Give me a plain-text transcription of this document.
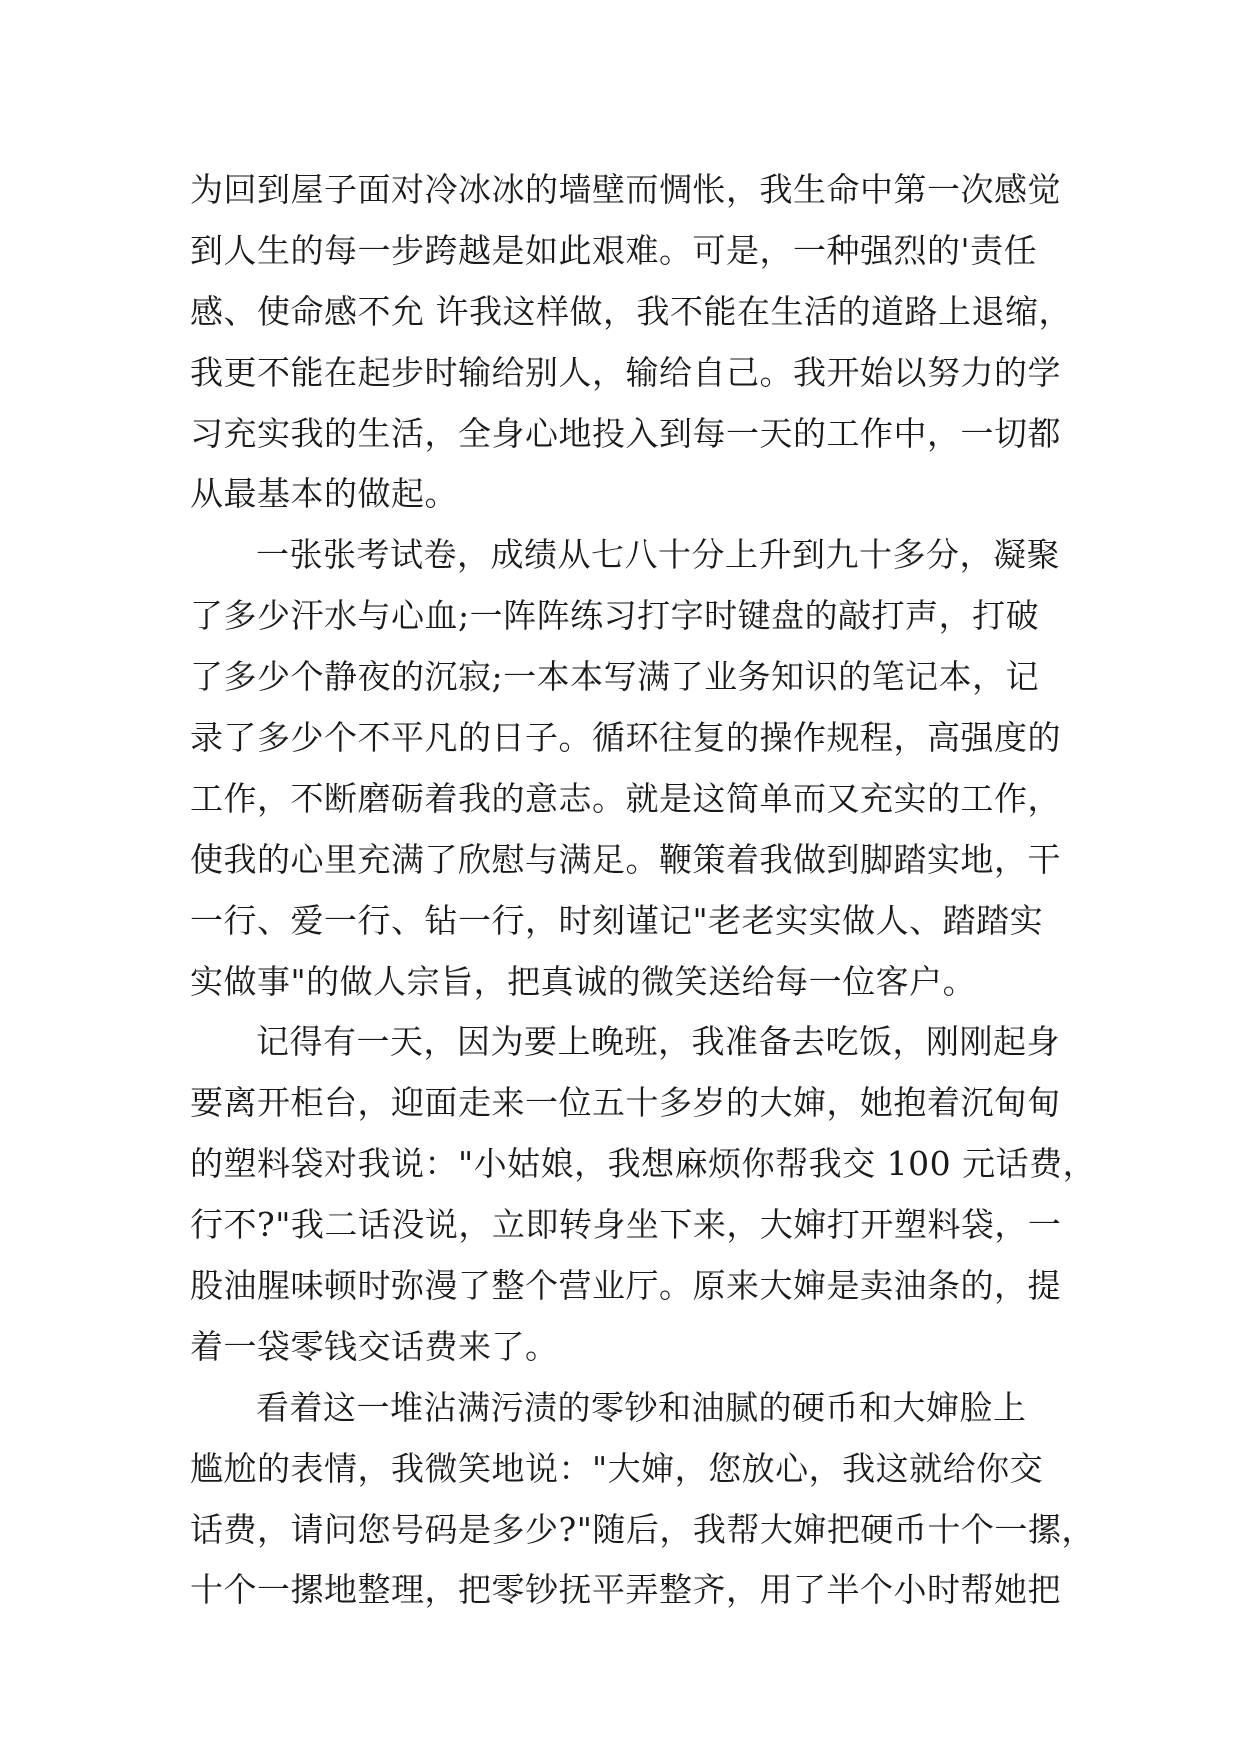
为回到屋子面对冷冰冰的墙壁而惆怅，我生命中第一次感觉
到人生的每一步跨越是如此艰难。可是，一种强烈的'责任
感、使命感不允 许我这样做，我不能在生活的道路上退缩，
我更不能在起步时输给别人，输给自己。我开始以努力的学
习充实我的生活，全身心地投入到每一天的工作中，一切都
从最基本的做起。
一张张考试卷，成绩从七八十分上升到九十多分，凝聚
了多少汗水与心血;一阵阵练习打字时键盘的敲打声，打破
了多少个静夜的沉寂;一本本写满了业务知识的笔记本，记
录了多少个不平凡的日子。循环往复的操作规程，高强度的
工作，不断磨砺着我的意志。就是这简单而又充实的工作，
使我的心里充满了欣慰与满足。鞭策着我做到脚踏实地，干
一行、爱一行、钻一行，时刻谨记"老老实实做人、踏踏实
实做事"的做人宗旨，把真诚的微笑送给每一位客户。
记得有一天，因为要上晚班，我准备去吃饭，刚刚起身
要离开柜台，迎面走来一位五十多岁的大婶，她抱着沉甸甸
的塑料袋对我说："小姑娘，我想麻烦你帮我交 100 元话费，
行不?"我二话没说，立即转身坐下来，大婶打开塑料袋，一
股油腥味顿时弥漫了整个营业厅。原来大婶是卖油条的，提
着一袋零钱交话费来了。
看着这一堆沾满污渍的零钞和油腻的硬币和大婶脸上
尴尬的表情，我微笑地说："大婶，您放心，我这就给你交
话费，请问您号码是多少?"随后，我帮大婶把硬币十个一摞，
十个一摞地整理，把零钞抚平弄整齐，用了半个小时帮她把
